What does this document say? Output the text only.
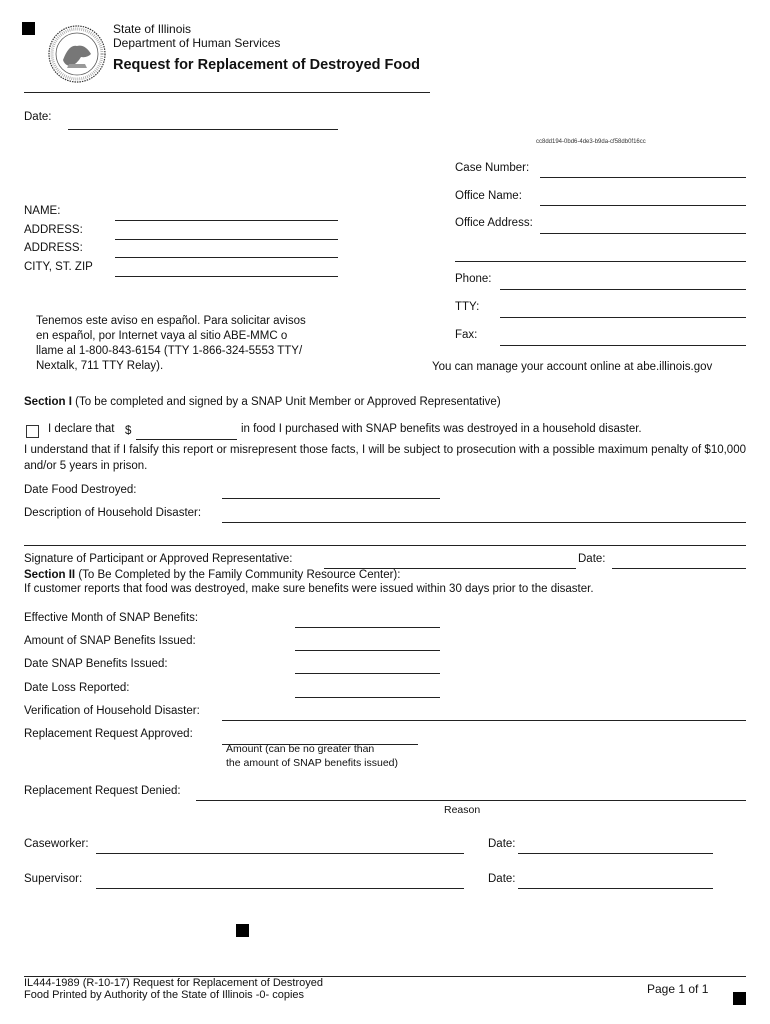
State of Illinois
Department of Human Services
Request for Replacement of Destroyed Food
Date:
cc8dd194-0bd6-4de3-b9da-cf58db0f16cc
Case Number:
Office Name:
Office Address:
Phone:
TTY:
Fax:
NAME:
ADDRESS:
ADDRESS:
CITY, ST. ZIP
Tenemos este aviso en español. Para solicitar avisos
en español, por Internet vaya al sitio ABE-MMC o
llame al 1-800-843-6154 (TTY 1-866-324-5553 TTY/
Nextalk, 711 TTY Relay).	You can manage your account online at abe.illinois.gov
Section I (To be completed and signed by a SNAP Unit Member or Approved Representative)
I declare that $	in food I purchased with SNAP benefits was destroyed in a household disaster.
I understand that if I falsify this report or misrepresent those facts, I will be subject to prosecution with a possible maximum penalty of $10,000 and/or 5 years in prison.
Date Food Destroyed:
Description of Household Disaster:
Signature of Participant or Approved Representative:	Date:
Section II (To Be Completed by the Family Community Resource Center):
If customer reports that food was destroyed, make sure benefits were issued within 30 days prior to the disaster.
Effective Month of SNAP Benefits:
Amount of SNAP Benefits Issued:
Date SNAP Benefits Issued:
Date Loss Reported:
Verification of Household Disaster:
Replacement Request Approved:
Amount (can be no greater than
the amount of SNAP benefits issued)
Replacement Request Denied:
Reason
Caseworker:	Date:
Supervisor:	Date:
IL444-1989 (R-10-17) Request for Replacement of Destroyed
Food Printed by Authority of the State of Illinois -0- copies	Page 1 of 1
